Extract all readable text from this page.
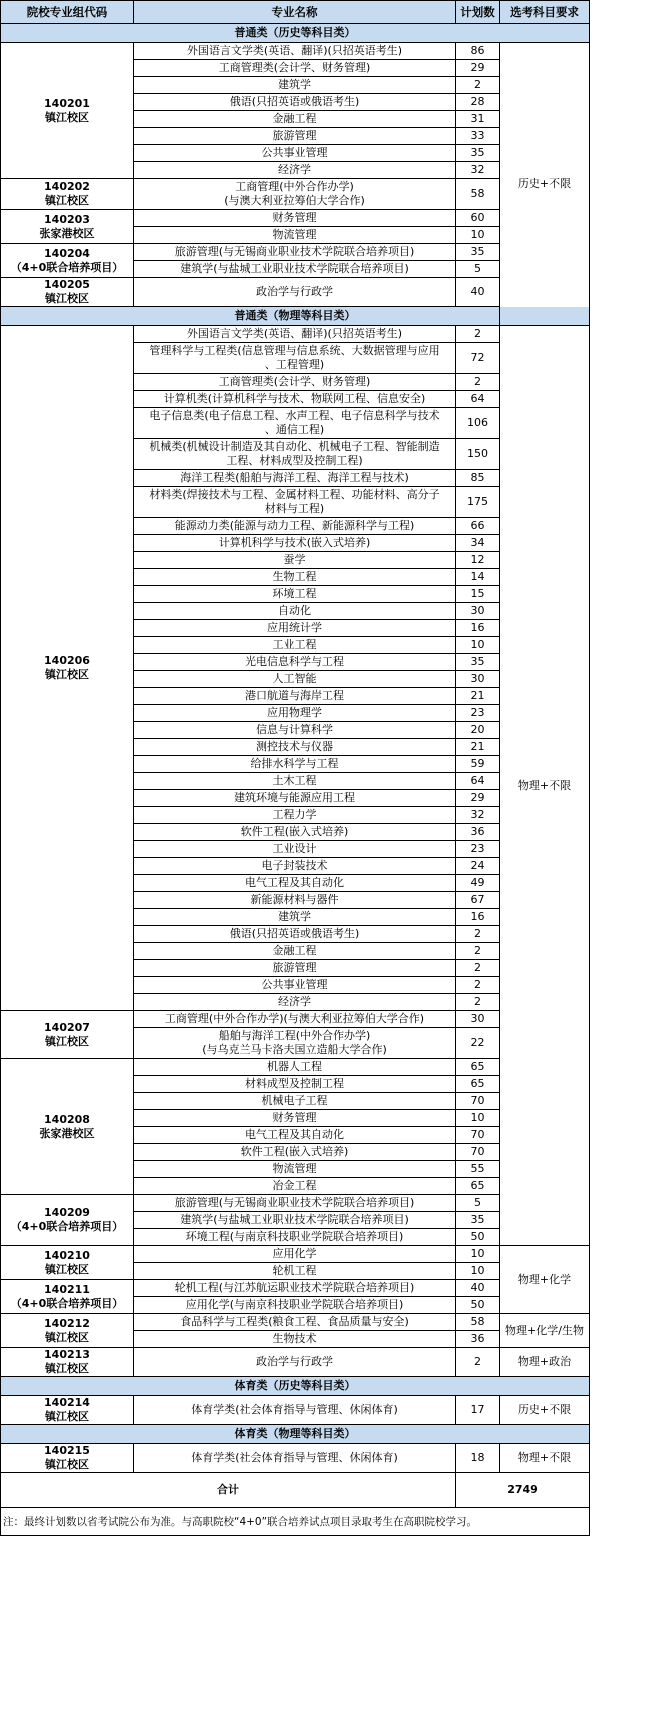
院校专业组代码	专业名称	计划数	选考科目要求
普通类（历史等科目类）			

140201
镇江校区	外国语言文学类(英语、翻译)(只招英语考生)	86	历史+不限
	工商管理类(会计学、财务管理)	29	
	建筑学	2	
	俄语(只招英语或俄语考生)	28	
	金融工程	31	
	旅游管理	33	
	公共事业管理	35	
	经济学	32	

140202
镇江校区	工商管理(中外合作办学)
(与澳大利亚拉筹伯大学合作)	58	

140203
张家港校区	财务管理	60	
	物流管理	10	

140204
（4+0联合培养项目）	旅游管理(与无锡商业职业技术学院联合培养项目)	35	
	建筑学(与盐城工业职业技术学院联合培养项目)	5	

140205
镇江校区	政治学与行政学	40	
普通类（物理等科目类）			

140206
镇江校区	外国语言文学类(英语、翻译)(只招英语考生)	2	物理+不限
	管理科学与工程类(信息管理与信息系统、大数据管理与应用
、工程管理)	72	
	工商管理类(会计学、财务管理)	2	
	计算机类(计算机科学与技术、物联网工程、信息安全)	64	
	电子信息类(电子信息工程、水声工程、电子信息科学与技术
、通信工程)	106	
	机械类(机械设计制造及其自动化、机械电子工程、智能制造
工程、材料成型及控制工程)	150	
	海洋工程类(船舶与海洋工程、海洋工程与技术)	85	
	材料类(焊接技术与工程、金属材料工程、功能材料、高分子
材料与工程)	175	
	能源动力类(能源与动力工程、新能源科学与工程)	66	
	计算机科学与技术(嵌入式培养)	34	
	蚕学	12	
	生物工程	14	
	环境工程	15	
	自动化	30	
	应用统计学	16	
	工业工程	10	
	光电信息科学与工程	35	
	人工智能	30	
	港口航道与海岸工程	21	
	应用物理学	23	
	信息与计算科学	20	
	测控技术与仪器	21	
	给排水科学与工程	59	
	土木工程	64	
	建筑环境与能源应用工程	29	
	工程力学	32	
	软件工程(嵌入式培养)	36	
	工业设计	23	
	电子封装技术	24	
	电气工程及其自动化	49	
	新能源材料与器件	67	
	建筑学	16	
	俄语(只招英语或俄语考生)	2	
	金融工程	2	
	旅游管理	2	
	公共事业管理	2	
	经济学	2	

140207
镇江校区	工商管理(中外合作办学)(与澳大利亚拉筹伯大学合作)	30	
	船舶与海洋工程(中外合作办学)
(与乌克兰马卡洛夫国立造船大学合作)	22	

140208
张家港校区	机器人工程	65	
	材料成型及控制工程	65	
	机械电子工程	70	
	财务管理	10	
	电气工程及其自动化	70	
	软件工程(嵌入式培养)	70	
	物流管理	55	
	冶金工程	65	

140209
（4+0联合培养项目）	旅游管理(与无锡商业职业技术学院联合培养项目)	5	
	建筑学(与盐城工业职业技术学院联合培养项目)	35	
	环境工程(与南京科技职业学院联合培养项目)	50	

140210
镇江校区	应用化学	10	物理+化学
	轮机工程	10	

140211
（4+0联合培养项目）	轮机工程(与江苏航运职业技术学院联合培养项目)	40	
	应用化学(与南京科技职业学院联合培养项目)	50	

140212
镇江校区	食品科学与工程类(粮食工程、食品质量与安全)	58	物理+化学/生物
	生物技术	36	

140213
镇江校区	政治学与行政学	2	物理+政治
体育类（历史等科目类）			

140214
镇江校区	体育学类(社会体育指导与管理、休闲体育)	17	历史+不限
体育类（物理等科目类）			

140215
镇江校区	体育学类(社会体育指导与管理、休闲体育)	18	物理+不限
合计		2749	
注：最终计划数以省考试院公布为准。与高职院校“4+0”联合培养试点项目录取考生在高职院校学习。			
